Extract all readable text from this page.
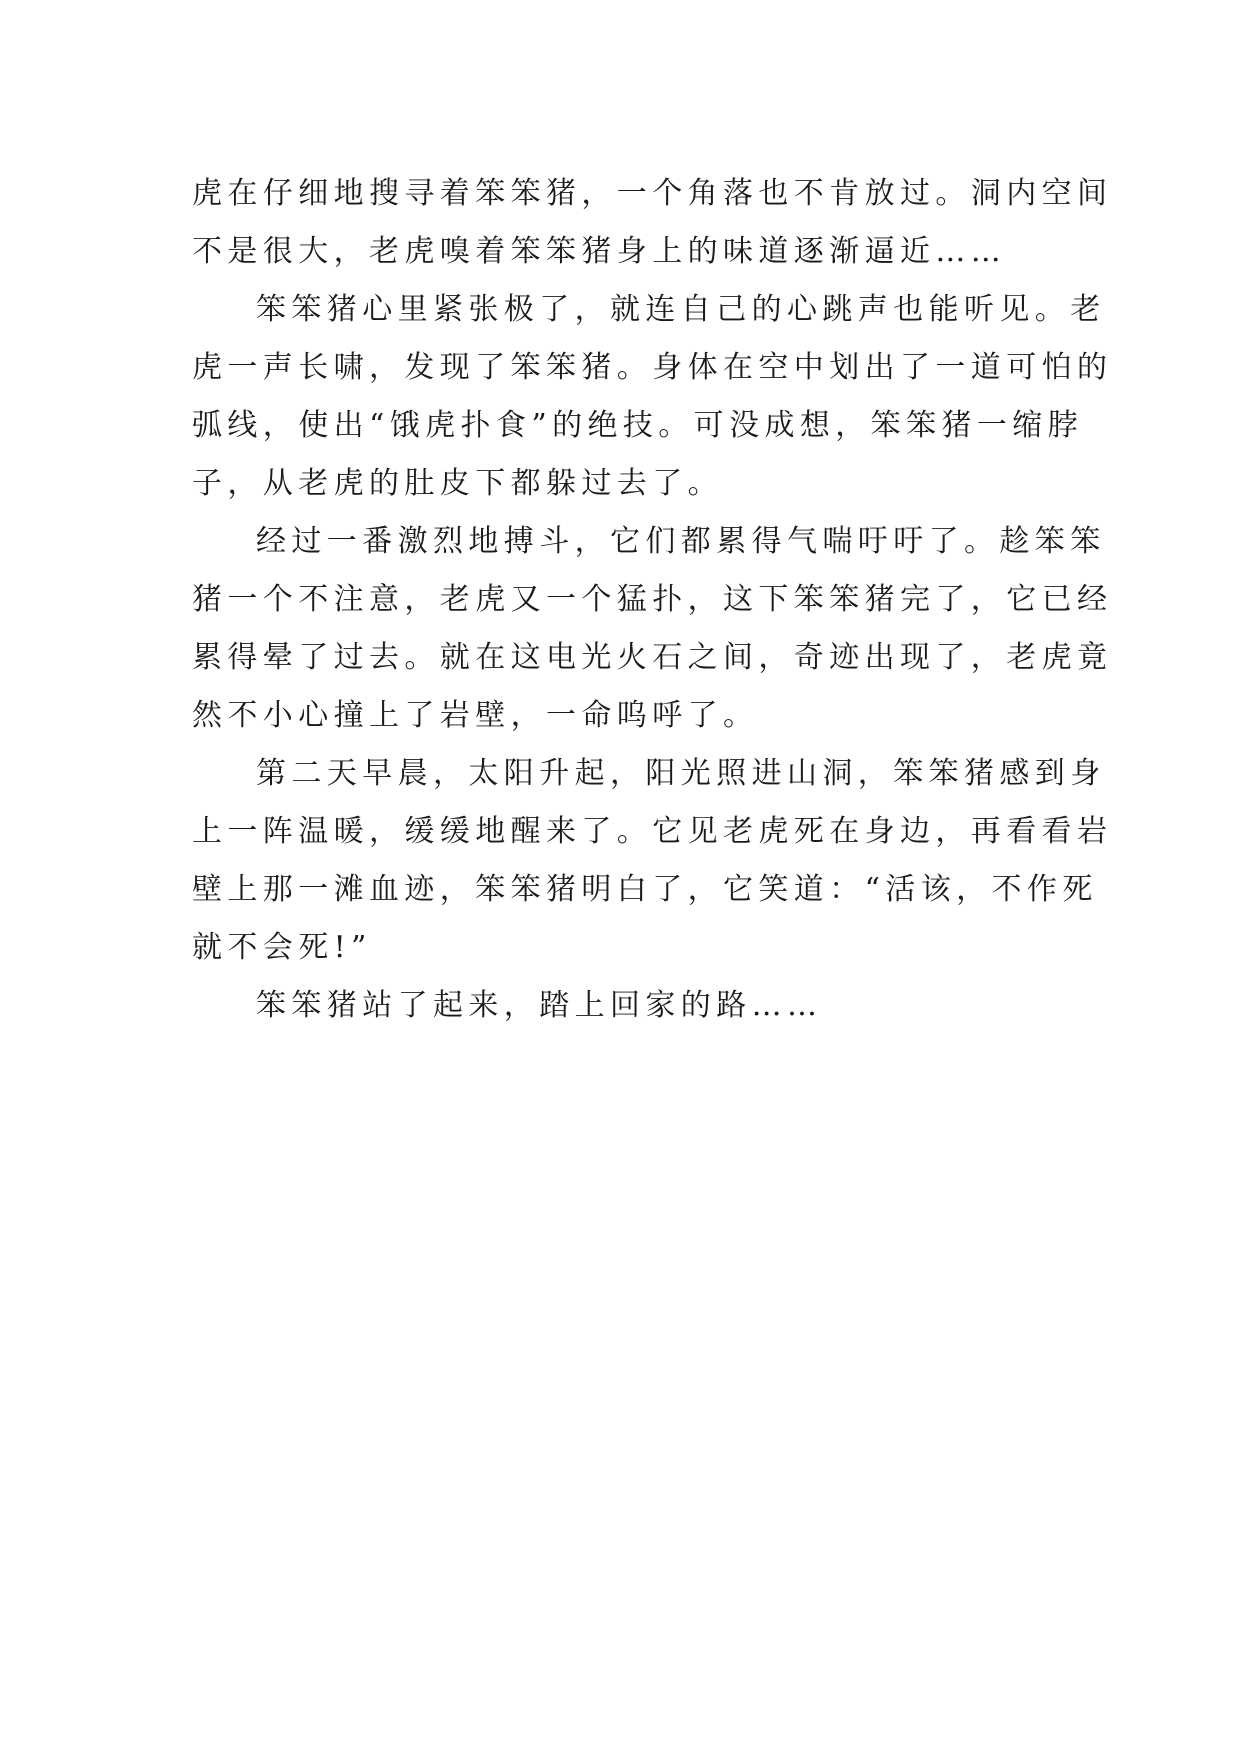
虎在仔细地搜寻着笨笨猪，一个角落也不肯放过。洞内空间
不是很大，老虎嗅着笨笨猪身上的味道逐渐逼近……
笨笨猪心里紧张极了，就连自己的心跳声也能听见。老
虎一声长啸，发现了笨笨猪。身体在空中划出了一道可怕的
弧线，使出“饿虎扑食”的绝技。可没成想，笨笨猪一缩脖
子，从老虎的肚皮下都躲过去了。
经过一番激烈地搏斗，它们都累得气喘吁吁了。趁笨笨
猪一个不注意，老虎又一个猛扑，这下笨笨猪完了，它已经
累得晕了过去。就在这电光火石之间，奇迹出现了，老虎竟
然不小心撞上了岩壁，一命呜呼了。
第二天早晨，太阳升起，阳光照进山洞，笨笨猪感到身
上一阵温暖，缓缓地醒来了。它见老虎死在身边，再看看岩
壁上那一滩血迹，笨笨猪明白了，它笑道：“活该，不作死
就不会死!”
笨笨猪站了起来，踏上回家的路……
